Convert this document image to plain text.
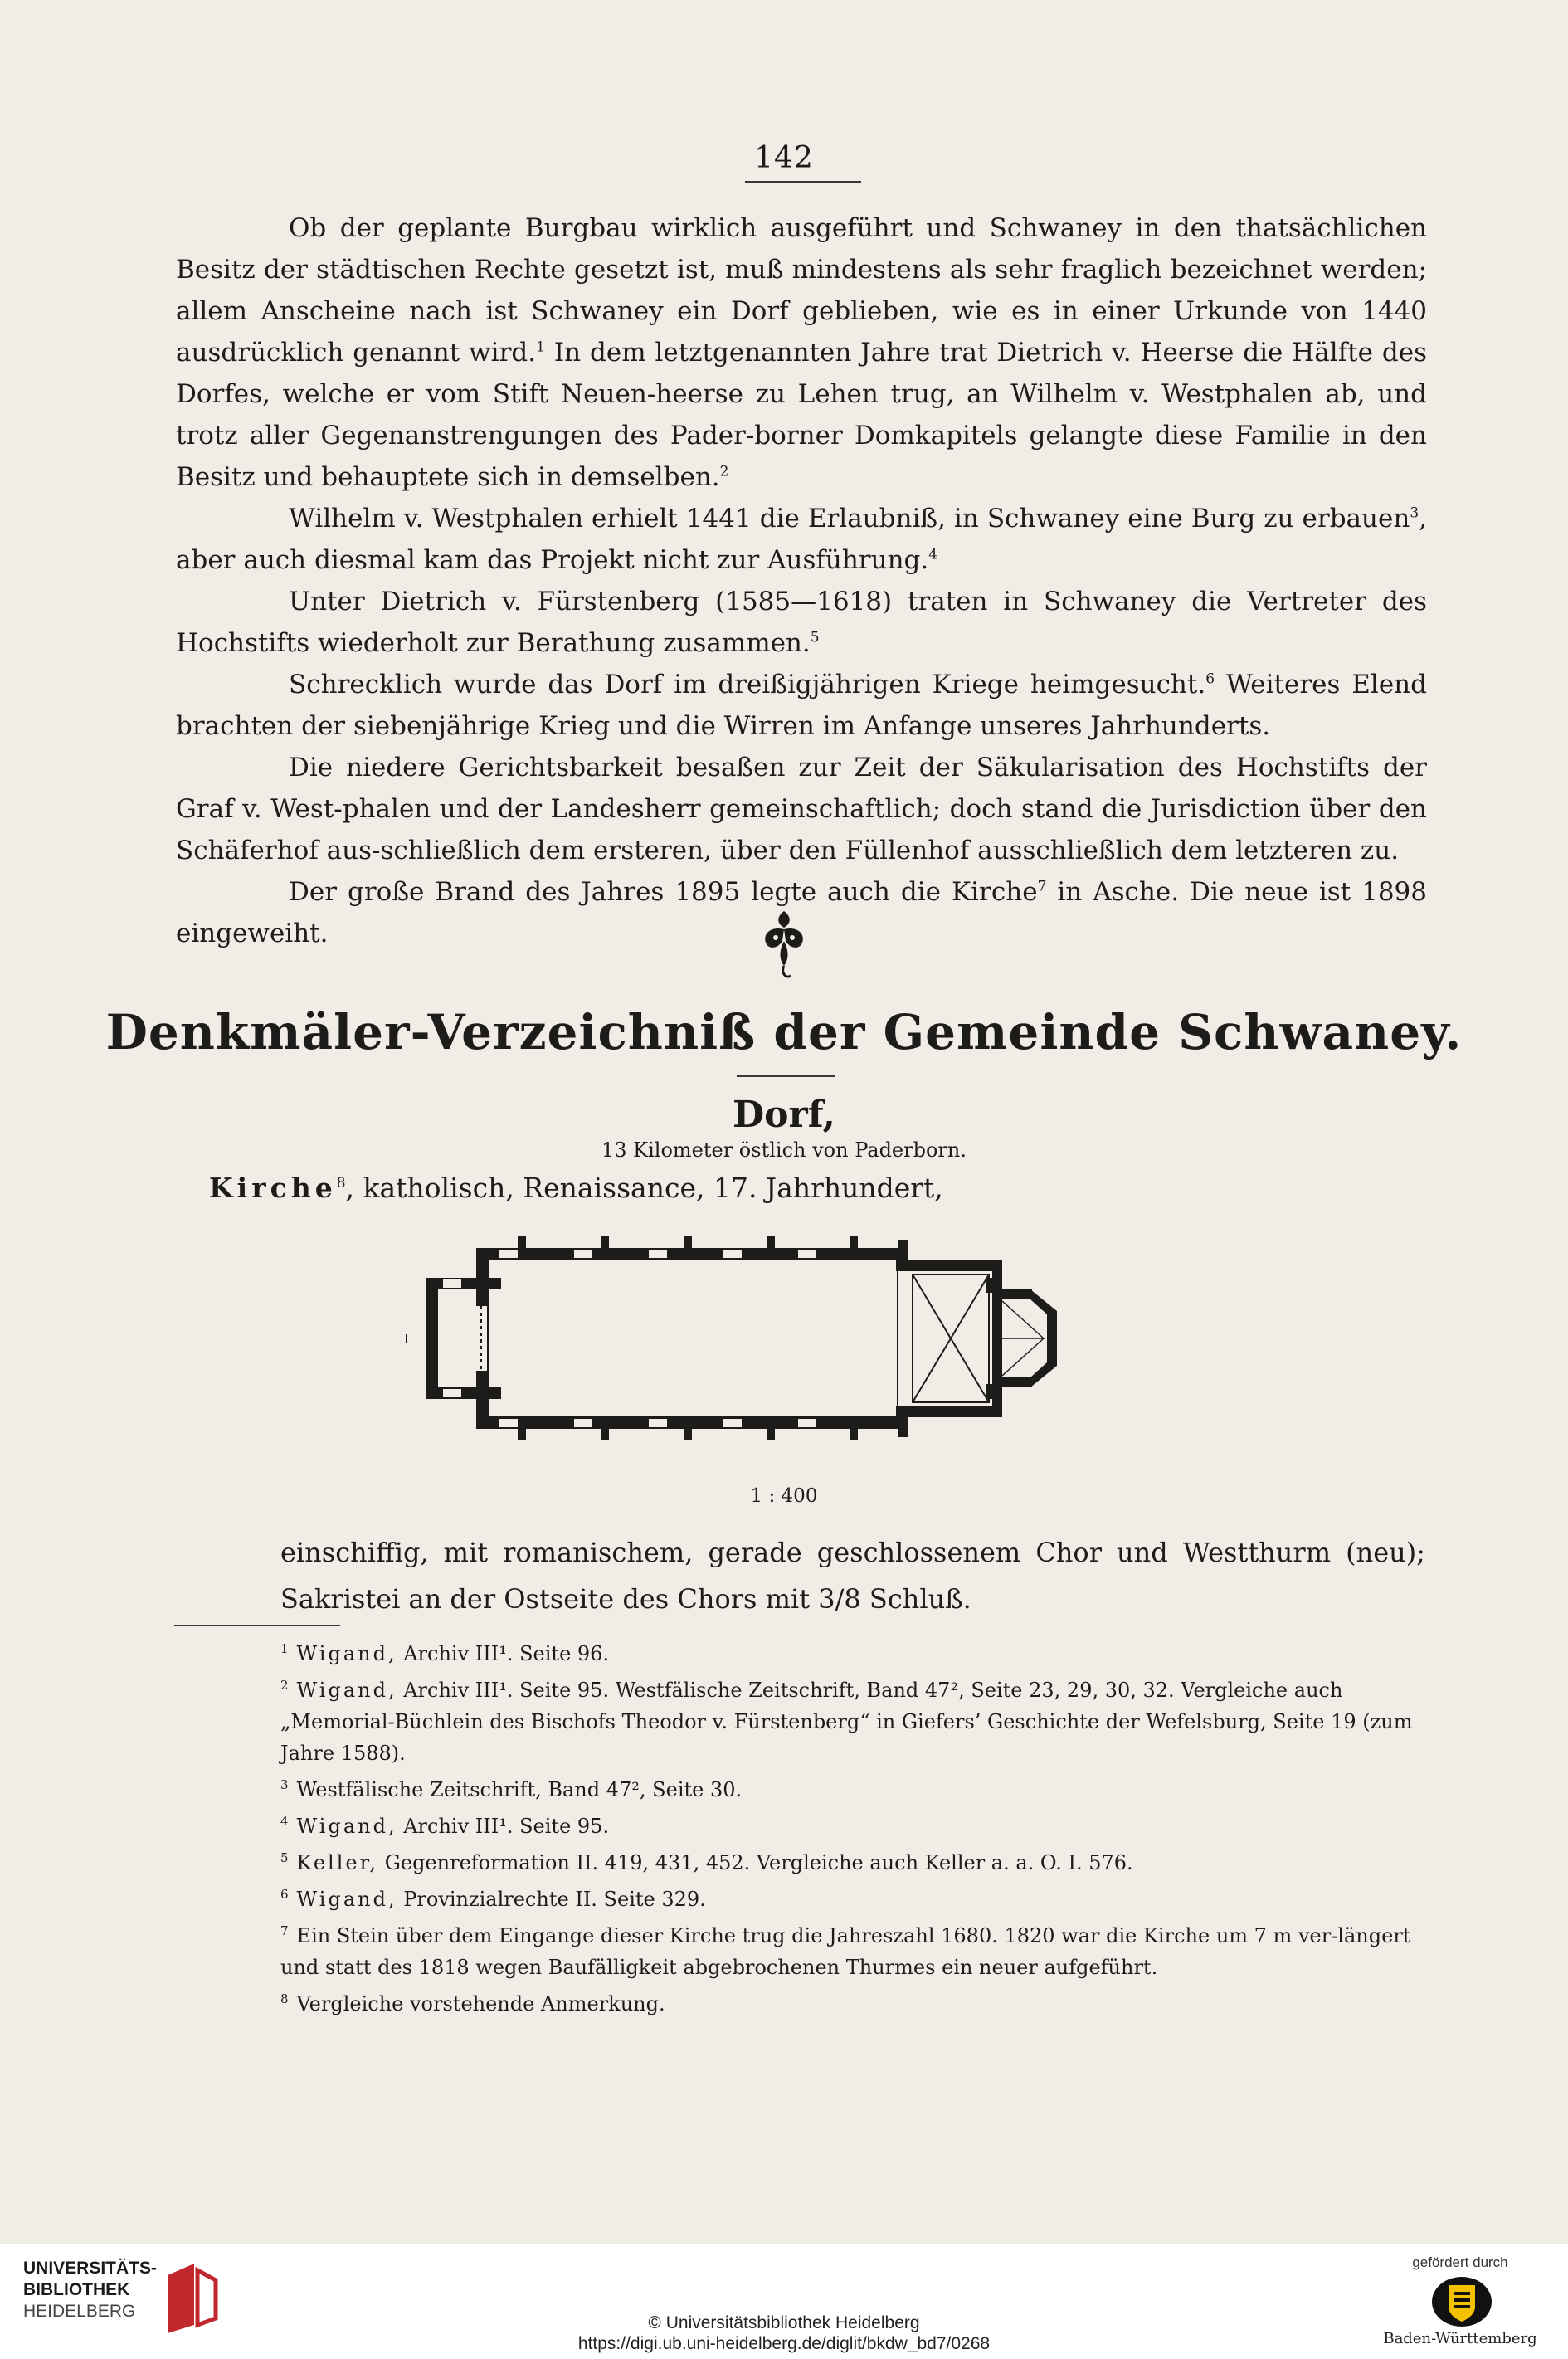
142

Ob der geplante Burgbau wirklich ausgeführt und Schwaney in den thatsächlichen Besitz der städtischen Rechte gesetzt ist, muß mindestens als sehr fraglich bezeichnet werden; allem Anscheine nach ist Schwaney ein Dorf geblieben, wie es in einer Urkunde von 1440 ausdrücklich genannt wird.$^1$ In dem letztgenannten Jahre trat Dietrich v. Heerse die Hälfte des Dorfes, welche er vom Stift Neuen-heerse zu Lehen trug, an Wilhelm v. Westphalen ab, und trotz aller Gegenanstrengungen des Pader-borner Domkapitels gelangte diese Familie in den Besitz und behauptete sich in demselben.$^2$

Wilhelm v. Westphalen erhielt 1441 die Erlaubniß, in Schwaney eine Burg zu erbauen$^3$, aber auch diesmal kam das Projekt nicht zur Ausführung.$^4$

Unter Dietrich v. Fürstenberg (1585—1618) traten in Schwaney die Vertreter des Hochstifts wiederholt zur Berathung zusammen.$^5$

Schrecklich wurde das Dorf im dreißigjährigen Kriege heimgesucht.$^6$ Weiteres Elend brachten der siebenjährige Krieg und die Wirren im Anfange unseres Jahrhunderts.

Die niedere Gerichtsbarkeit besaßen zur Zeit der Säkularisation des Hochstifts der Graf v. West-phalen und der Landesherr gemeinschaftlich; doch stand die Jurisdiction über den Schäferhof aus-schließlich dem ersteren, über den Füllenhof ausschließlich dem letzteren zu.

Der große Brand des Jahres 1895 legte auch die Kirche$^7$ in Asche. Die neue ist 1898 eingeweiht.

Denkmäler-Verzeichniß der Gemeinde Schwaney.
Dorf,
13 Kilometer östlich von Paderborn.
Kirche$^8$, katholisch, Renaissance, 17. Jahrhundert,
1 : 400

einschiffig, mit romanischem, gerade geschlossenem Chor und Westthurm (neu); Sakristei an der Ostseite des Chors mit 3/8 Schluß.

$^1$ Wigand, Archiv III¹. Seite 96.
$^2$ Wigand, Archiv III¹. Seite 95. Westfälische Zeitschrift, Band 47², Seite 23, 29, 30, 32. Vergleiche auch „Memorial-Büchlein des Bischofs Theodor v. Fürstenberg“ in Giefers’ Geschichte der Wefelsburg, Seite 19 (zum Jahre 1588).
$^3$ Westfälische Zeitschrift, Band 47², Seite 30.
$^4$ Wigand, Archiv III¹. Seite 95.
$^5$ Keller, Gegenreformation II. 419, 431, 452. Vergleiche auch Keller a. a. O. I. 576.
$^6$ Wigand, Provinzialrechte II. Seite 329.
$^7$ Ein Stein über dem Eingange dieser Kirche trug die Jahreszahl 1680. 1820 war die Kirche um 7 m ver-längert und statt des 1818 wegen Baufälligkeit abgebrochenen Thurmes ein neuer aufgeführt.
$^8$ Vergleiche vorstehende Anmerkung.
UNIVERSITÄTS-
BIBLIOTHEK
HEIDELBERG
© Universitätsbibliothek Heidelberg
https://digi.ub.uni-heidelberg.de/diglit/bkdw_bd7/0268
gefördert durch
Baden-Württemberg
